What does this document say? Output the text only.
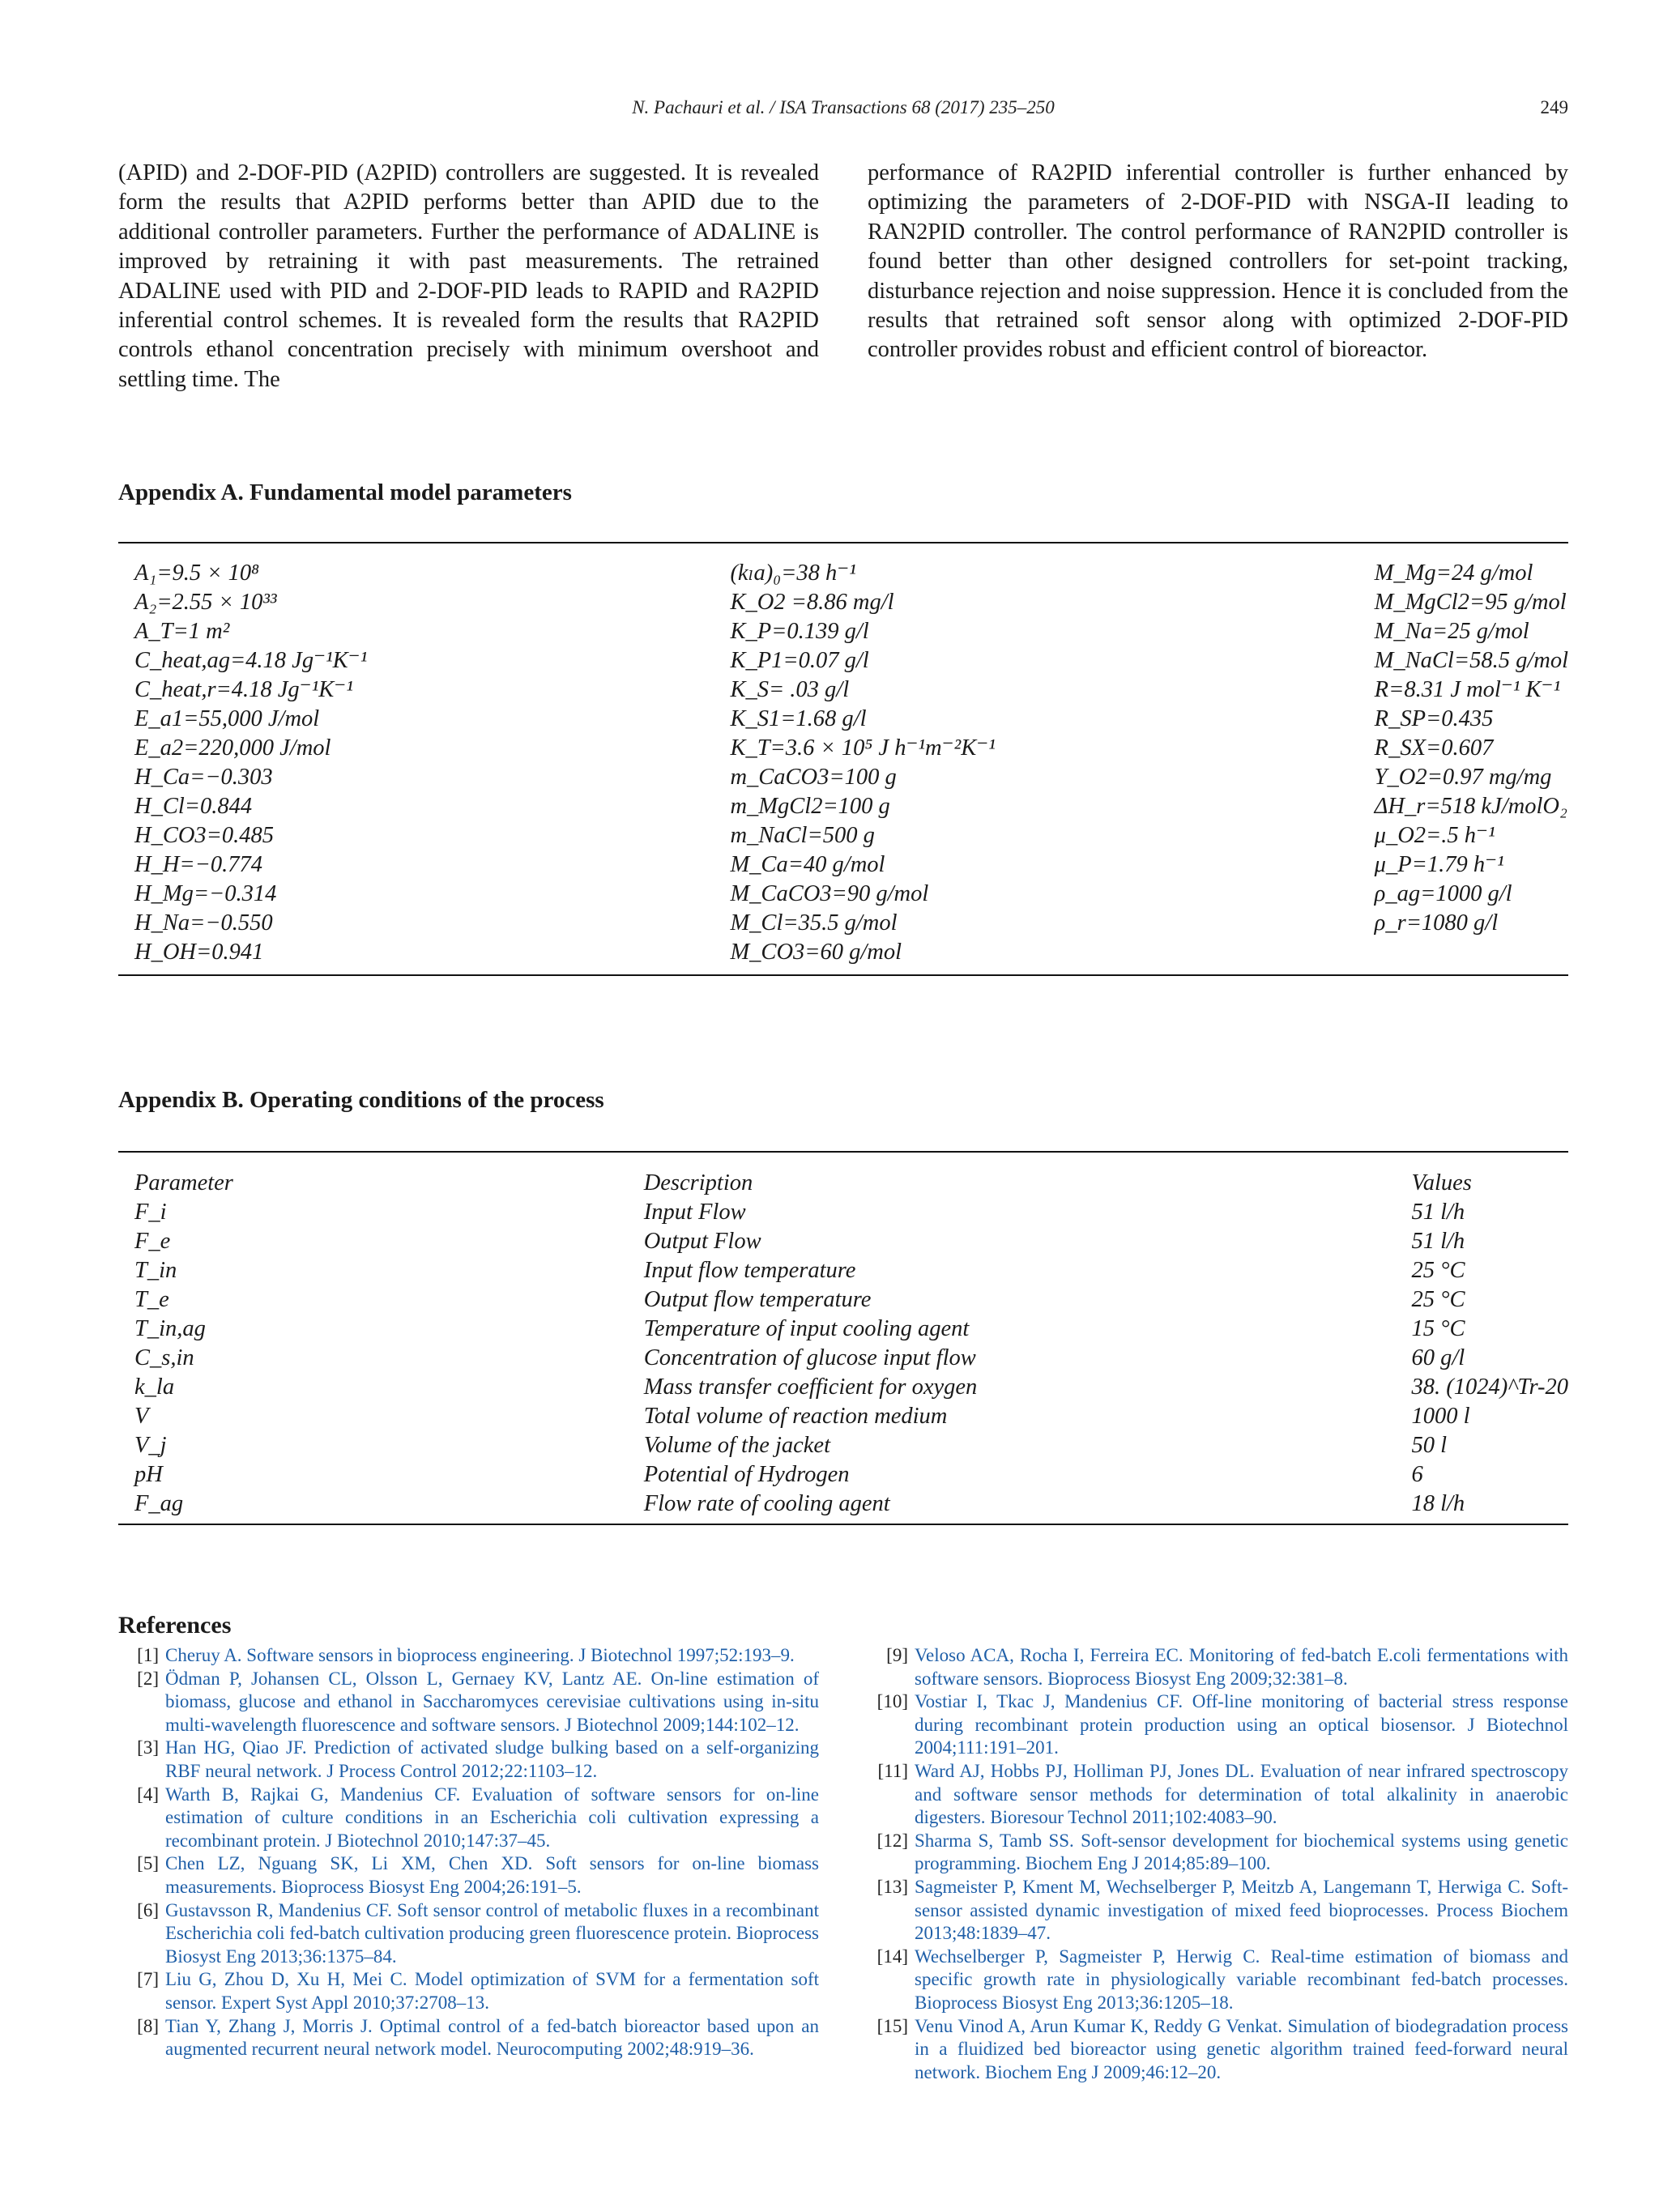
N. Pachauri et al. / ISA Transactions 68 (2017) 235–250	249

(APID) and 2-DOF-PID (A2PID) controllers are suggested. It is revealed form the results that A2PID performs better than APID due to the additional controller parameters. Further the performance of ADALINE is improved by retraining it with past measurements. The retrained ADALINE used with PID and 2-DOF-PID leads to RAPID and RA2PID inferential control schemes. It is revealed form the results that RA2PID controls ethanol concentration precisely with minimum overshoot and settling time. The

performance of RA2PID inferential controller is further enhanced by optimizing the parameters of 2-DOF-PID with NSGA-II leading to RAN2PID controller. The control performance of RAN2PID controller is found better than other designed controllers for set-point tracking, disturbance rejection and noise suppression. Hence it is concluded from the results that retrained soft sensor along with optimized 2-DOF-PID controller provides robust and efficient control of bioreactor.

Appendix A. Fundamental model parameters
A₁=9.5 × 10⁸	(kₗa)₀=38 h⁻¹	M_Mg=24 g/mol
A₂=2.55 × 10³³	K_O2 =8.86 mg/l	M_MgCl2=95 g/mol
A_T=1 m²	K_P=0.139 g/l	M_Na=25 g/mol
C_heat,ag=4.18 Jg⁻¹K⁻¹	K_P1=0.07 g/l	M_NaCl=58.5 g/mol
C_heat,r=4.18 Jg⁻¹K⁻¹	K_S= .03 g/l	R=8.31 J mol⁻¹ K⁻¹
E_a1=55,000 J/mol	K_S1=1.68 g/l	R_SP=0.435
E_a2=220,000 J/mol	K_T=3.6 × 10⁵ J h⁻¹m⁻²K⁻¹	R_SX=0.607
H_Ca=−0.303	m_CaCO3=100 g	Y_O2=0.97 mg/mg
H_Cl=0.844	m_MgCl2=100 g	ΔH_r=518 kJ/molO₂
H_CO3=0.485	m_NaCl=500 g	μ_O2=.5 h⁻¹
H_H=−0.774	M_Ca=40 g/mol	μ_P=1.79 h⁻¹
H_Mg=−0.314	M_CaCO3=90 g/mol	ρ_ag=1000 g/l
H_Na=−0.550	M_Cl=35.5 g/mol	ρ_r=1080 g/l
H_OH=0.941	M_CO3=60 g/mol	
Appendix B. Operating conditions of the process
Parameter	Description	Values
F_i	Input Flow	51 l/h
F_e	Output Flow	51 l/h
T_in	Input flow temperature	25 °C
T_e	Output flow temperature	25 °C
T_in,ag	Temperature of input cooling agent	15 °C
C_s,in	Concentration of glucose input flow	60 g/l
k_la	Mass transfer coefficient for oxygen	38. (1024)^Tr-20
V	Total volume of reaction medium	1000 l
V_j	Volume of the jacket	50 l
pH	Potential of Hydrogen	6
F_ag	Flow rate of cooling agent	18 l/h
References
[1] Cheruy A. Software sensors in bioprocess engineering. J Biotechnol 1997;52:193–9.
[2] Ödman P, Johansen CL, Olsson L, Gernaey KV, Lantz AE. On-line estimation of biomass, glucose and ethanol in Saccharomyces cerevisiae cultivations using in-situ multi-wavelength fluorescence and software sensors. J Biotechnol 2009;144:102–12.
[3] Han HG, Qiao JF. Prediction of activated sludge bulking based on a self-organizing RBF neural network. J Process Control 2012;22:1103–12.
[4] Warth B, Rajkai G, Mandenius CF. Evaluation of software sensors for on-line estimation of culture conditions in an Escherichia coli cultivation expressing a recombinant protein. J Biotechnol 2010;147:37–45.
[5] Chen LZ, Nguang SK, Li XM, Chen XD. Soft sensors for on-line biomass measurements. Bioprocess Biosyst Eng 2004;26:191–5.
[6] Gustavsson R, Mandenius CF. Soft sensor control of metabolic fluxes in a recombinant Escherichia coli fed-batch cultivation producing green fluorescence protein. Bioprocess Biosyst Eng 2013;36:1375–84.
[7] Liu G, Zhou D, Xu H, Mei C. Model optimization of SVM for a fermentation soft sensor. Expert Syst Appl 2010;37:2708–13.
[8] Tian Y, Zhang J, Morris J. Optimal control of a fed-batch bioreactor based upon an augmented recurrent neural network model. Neurocomputing 2002;48:919–36.
[9] Veloso ACA, Rocha I, Ferreira EC. Monitoring of fed-batch E.coli fermentations with software sensors. Bioprocess Biosyst Eng 2009;32:381–8.
[10] Vostiar I, Tkac J, Mandenius CF. Off-line monitoring of bacterial stress response during recombinant protein production using an optical biosensor. J Biotechnol 2004;111:191–201.
[11] Ward AJ, Hobbs PJ, Holliman PJ, Jones DL. Evaluation of near infrared spectroscopy and software sensor methods for determination of total alkalinity in anaerobic digesters. Bioresour Technol 2011;102:4083–90.
[12] Sharma S, Tamb SS. Soft-sensor development for biochemical systems using genetic programming. Biochem Eng J 2014;85:89–100.
[13] Sagmeister P, Kment M, Wechselberger P, Meitzb A, Langemann T, Herwiga C. Soft-sensor assisted dynamic investigation of mixed feed bioprocesses. Process Biochem 2013;48:1839–47.
[14] Wechselberger P, Sagmeister P, Herwig C. Real-time estimation of biomass and specific growth rate in physiologically variable recombinant fed-batch processes. Bioprocess Biosyst Eng 2013;36:1205–18.
[15] Venu Vinod A, Arun Kumar K, Reddy G Venkat. Simulation of biodegradation process in a fluidized bed bioreactor using genetic algorithm trained feed-forward neural network. Biochem Eng J 2009;46:12–20.
